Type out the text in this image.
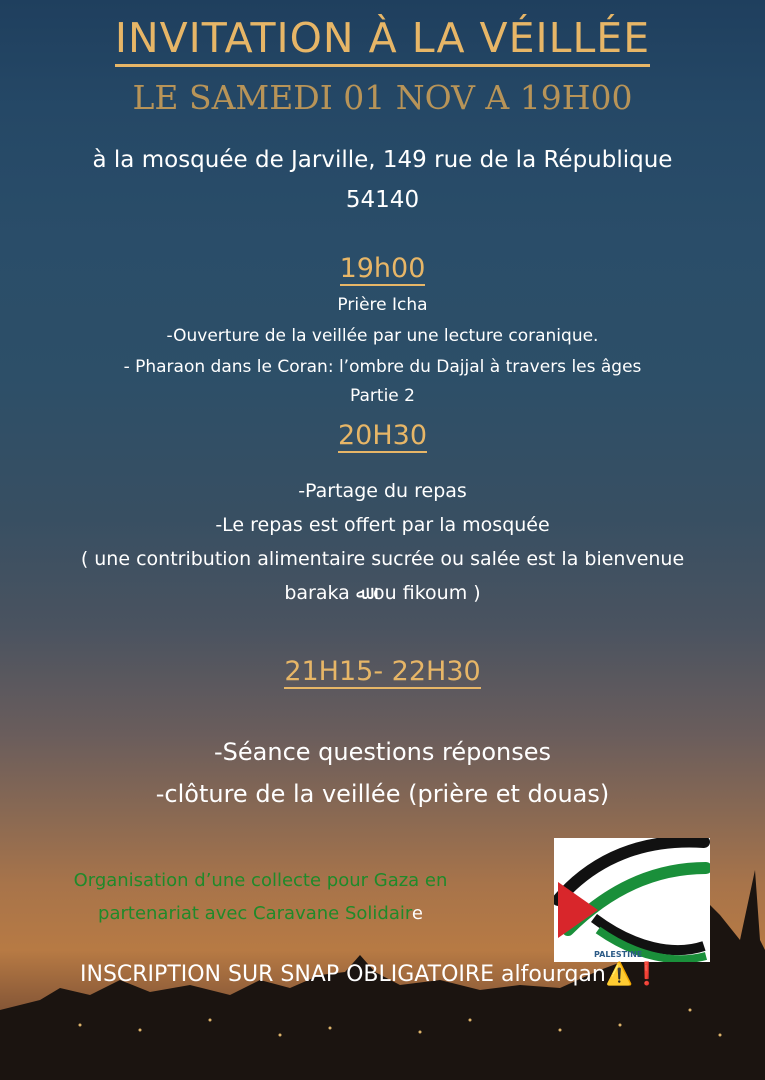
INVITATION À LA VÉILLÉE
LE SAMEDI 01 NOV A 19H00
à la mosquée de Jarville, 149 rue de la République
54140
19h00
Prière Icha
-Ouverture de la veillée par une lecture coranique.
- Pharaon dans le Coran: l’ombre du Dajjal à travers les âges
Partie 2
20H30
-Partage du repas
-Le repas est offert par la mosquée
( une contribution alimentaire sucrée ou salée est la bienvenue
baraka ﷲ ou fikoum )
21H15- 22H30
-Séance questions réponses
-clôture de la veillée (prière et douas)
Organisation d’une collecte pour Gaza en
partenariat avec Caravane Solidaire
PALESTINE
INSCRIPTION SUR SNAP OBLIGATOIRE alfourqan⚠️❗
